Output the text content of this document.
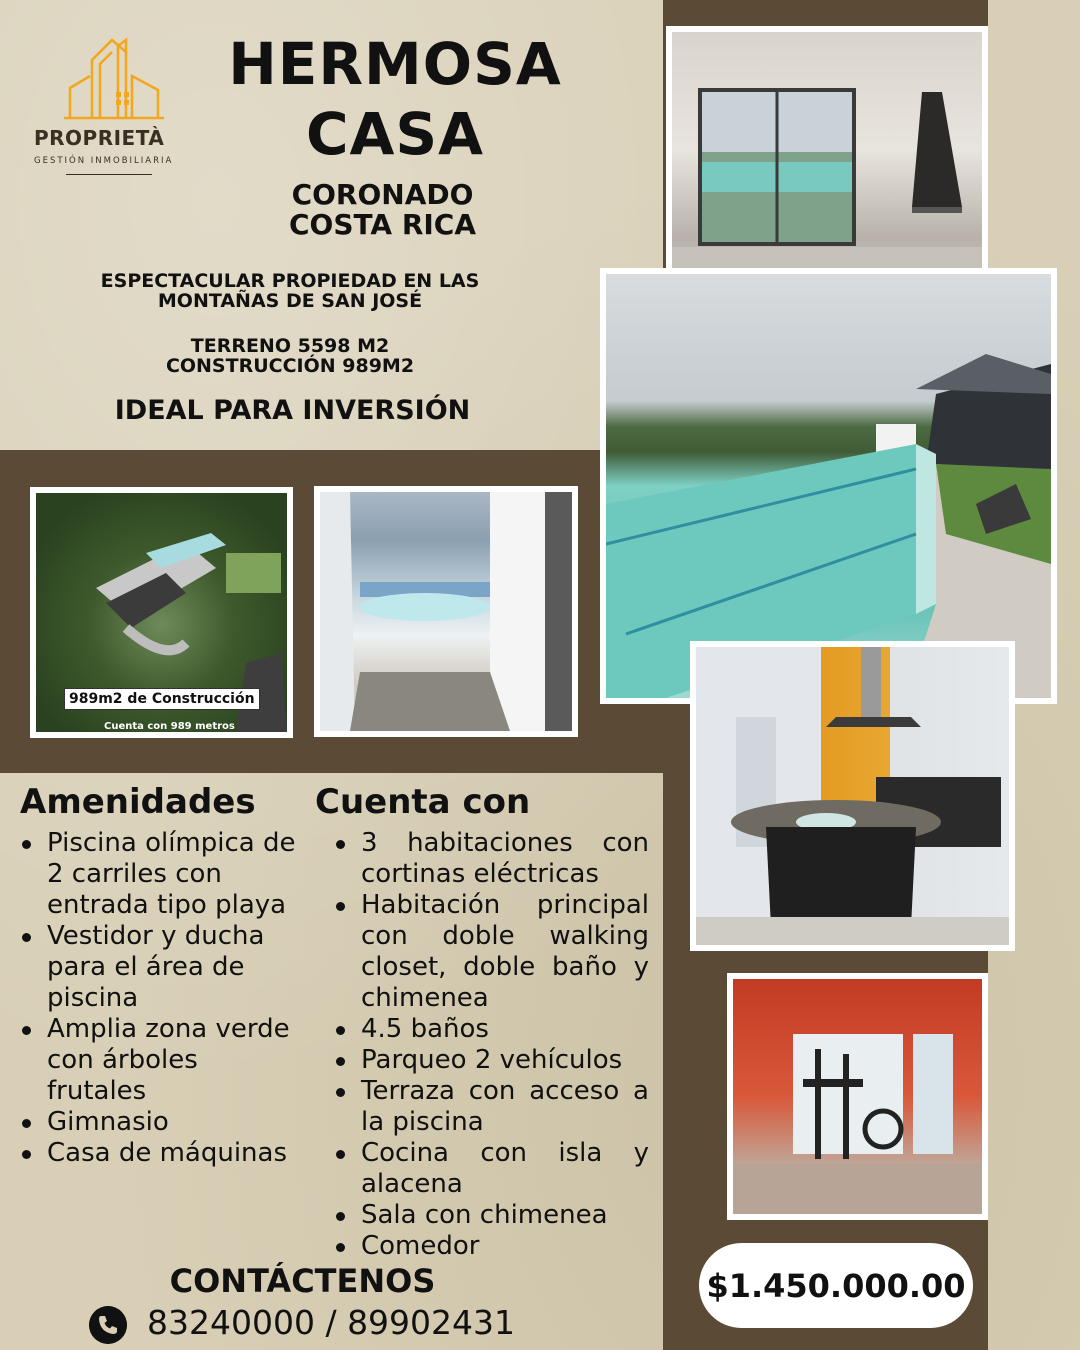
PROPRIETÀ
GESTIÓN INMOBILIARIA
HERMOSA
CASA
CORONADO
COSTA RICA
ESPECTACULAR PROPIEDAD EN LAS
MONTAÑAS DE SAN JOSÉ
TERRENO 5598 M2
CONSTRUCCIÓN 989M2
IDEAL PARA INVERSIÓN
989m2 de Construcción
Cuenta con 989 metros
Amenidades Cuenta con
Piscina olímpica de 2 carriles con entrada tipo playa
Vestidor y ducha para el área de piscina
Amplia zona verde con árboles frutales
Gimnasio
Casa de máquinas
3 habitaciones con cortinas eléctricas
Habitación principal con doble walking closet, doble baño y chimenea
4.5 baños
Parqueo 2 vehículos
Terraza con acceso a la piscina
Cocina con isla y alacena
Sala con chimenea
Comedor
CONTÁCTENOS
83240000 / 89902431
$1.450.000.00
